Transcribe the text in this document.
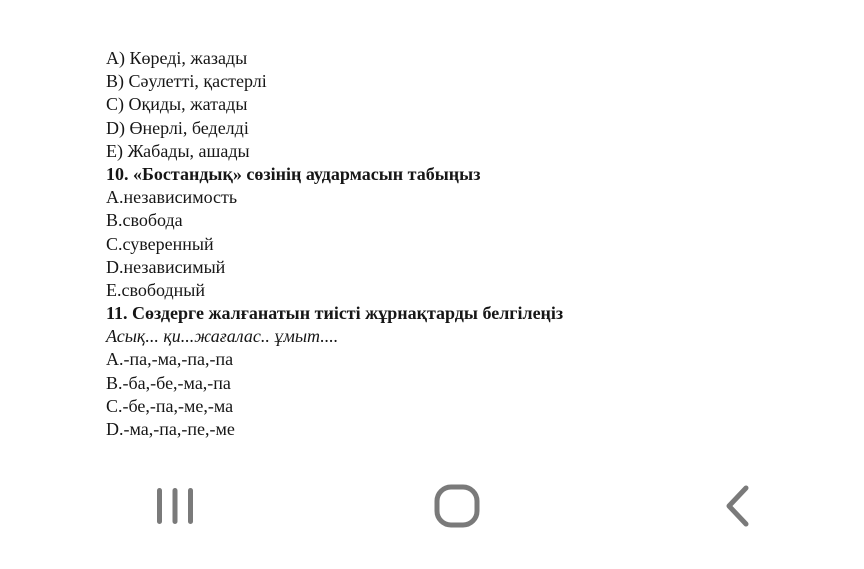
A) Көреді, жазады
B) Сәулетті, қастерлі
C) Оқиды, жатады
D) Өнерлі, беделді
E) Жабады, ашады
10. «Бостандық» сөзінің аудармасын табыңыз
A.независимость
B.свобода
C.суверенный
D.независимый
E.свободный
11. Сөздерге жалғанатын тиісті жұрнақтарды белгілеңіз
Асық... қи...жағалас.. ұмыт....
A.-па,-ма,-па,-па
B.-ба,-бе,-ма,-па
C.-бе,-па,-ме,-ма
D.-ма,-па,-пе,-ме
